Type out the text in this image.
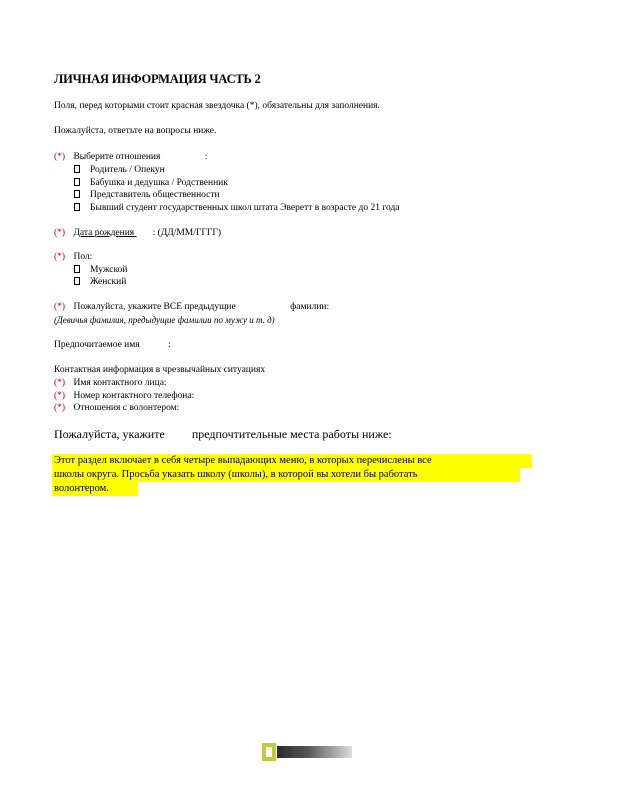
ЛИЧНАЯ ИНФОРМАЦИЯ ЧАСТЬ 2
Поля, перед которыми стоит красная звездочка (*), обязательны для заполнения.
Пожалуйста, ответьте на вопросы ниже.
(*) Выберите отношения	:
Родитель / Опекун
Бабушка и дедушка / Родственник
Представитель общественности
Бывший студент государственных школ штата Эверетт в возрасте до 21 года
(*) Дата рождения : (ДД/ММ/ГГГГ)
(*) Пол:
Мужской
Женский
(*) Пожалуйста, укажите ВСЕ предыдущие	фамилии:
(Девичья фамилия, предыдущие фамилии по мужу и т. д)
Предпочитаемое имя	:
Контактная информация в чрезвычайных ситуациях
(*) Имя контактного лица:
(*) Номер контактного телефона:
(*) Отношения с волонтером:
Пожалуйста, укажите предпочтительные места работы ниже:
Этот раздел включает в себя четыре выпадающих меню, в которых перечислены все
школы округа. Просьба указать школу (школы), в которой вы хотели бы работать
волонтером.
